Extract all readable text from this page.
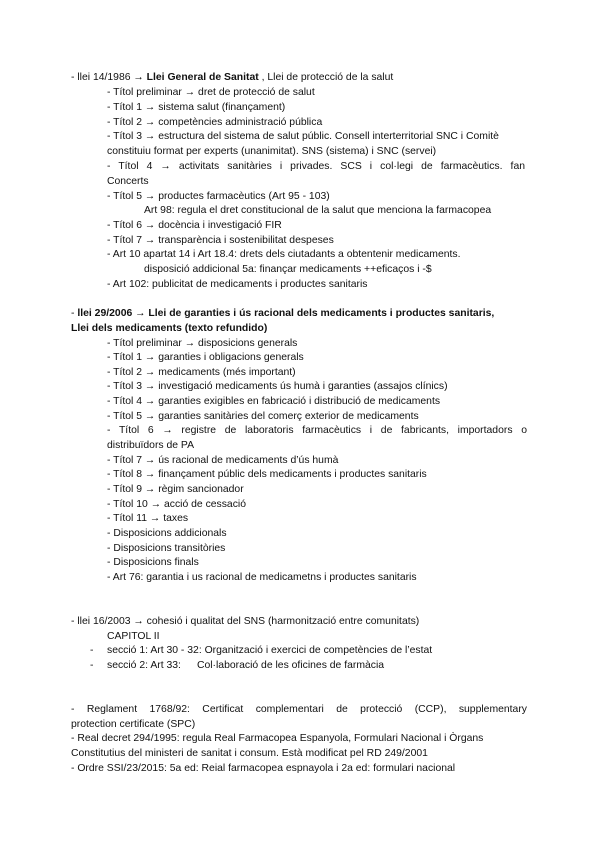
- llei 14/1986 → Llei General de Sanitat , Llei de protecció de la salut
- Títol preliminar → dret de protecció de salut
- Títol 1 → sistema salut (finançament)
- Títol 2 → competències administració pública
- Títol 3 → estructura del sistema de salut públic. Consell interterritorial SNC i Comitè
constituiu format per experts (unanimitat). SNS (sistema) i SNC (servei)
- Títol 4 → activitats sanitàries i privades. SCS i col·legi de farmacèutics. fan
Concerts
- Títol 5 → productes farmacèutics (Art 95 - 103)
Art 98: regula el dret constitucional de la salut que menciona la farmacopea
- Títol 6 → docència i investigació FIR
- Títol 7 → transparència i sostenibilitat despeses
- Art 10 apartat 14 i Art 18.4: drets dels ciutadants a obtentenir medicaments.
disposició addicional 5a: finançar medicaments ++eficaços i -$
- Art 102: publicitat de medicaments i productes sanitaris
- llei 29/2006 → Llei de garanties i ús racional dels medicaments i productes sanitaris,
Llei dels medicaments (texto refundido)
- Títol preliminar → disposicions generals
- Títol 1 → garanties i obligacions generals
- Títol 2 → medicaments (més important)
- Títol 3 → investigació medicaments ús humà i garanties (assajos clínics)
- Títol 4 → garanties exigibles en fabricació i distribució de medicaments
- Títol 5 → garanties sanitàries del comerç exterior de medicaments
- Títol 6 → registre de laboratoris farmacèutics i de fabricants, importadors o
distribuïdors de PA
- Títol 7 → ús racional de medicaments d’ús humà
- Títol 8 → finançament públic dels medicaments i productes sanitaris
- Títol 9 → règim sancionador
- Títol 10 → acció de cessació
- Títol 11 → taxes
- Disposicions addicionals
- Disposicions transitòries
- Disposicions finals
- Art 76: garantia i us racional de medicametns i productes sanitaris
- llei 16/2003 → cohesió i qualitat del SNS (harmonització entre comunitats)
CAPITOL II
- secció 1: Art 30 - 32: Organització i exercici de competències de l’estat
- secció 2: Art 33: Col·laboració de les oficines de farmàcia
- Reglament 1768/92: Certificat complementari de protecció (CCP), supplementary
protection certificate (SPC)
- Real decret 294/1995: regula Real Farmacopea Espanyola, Formulari Nacional i Òrgans
Constitutius del ministeri de sanitat i consum. Està modificat pel RD 249/2001
- Ordre SSI/23/2015: 5a ed: Reial farmacopea espnayola i 2a ed: formulari nacional
